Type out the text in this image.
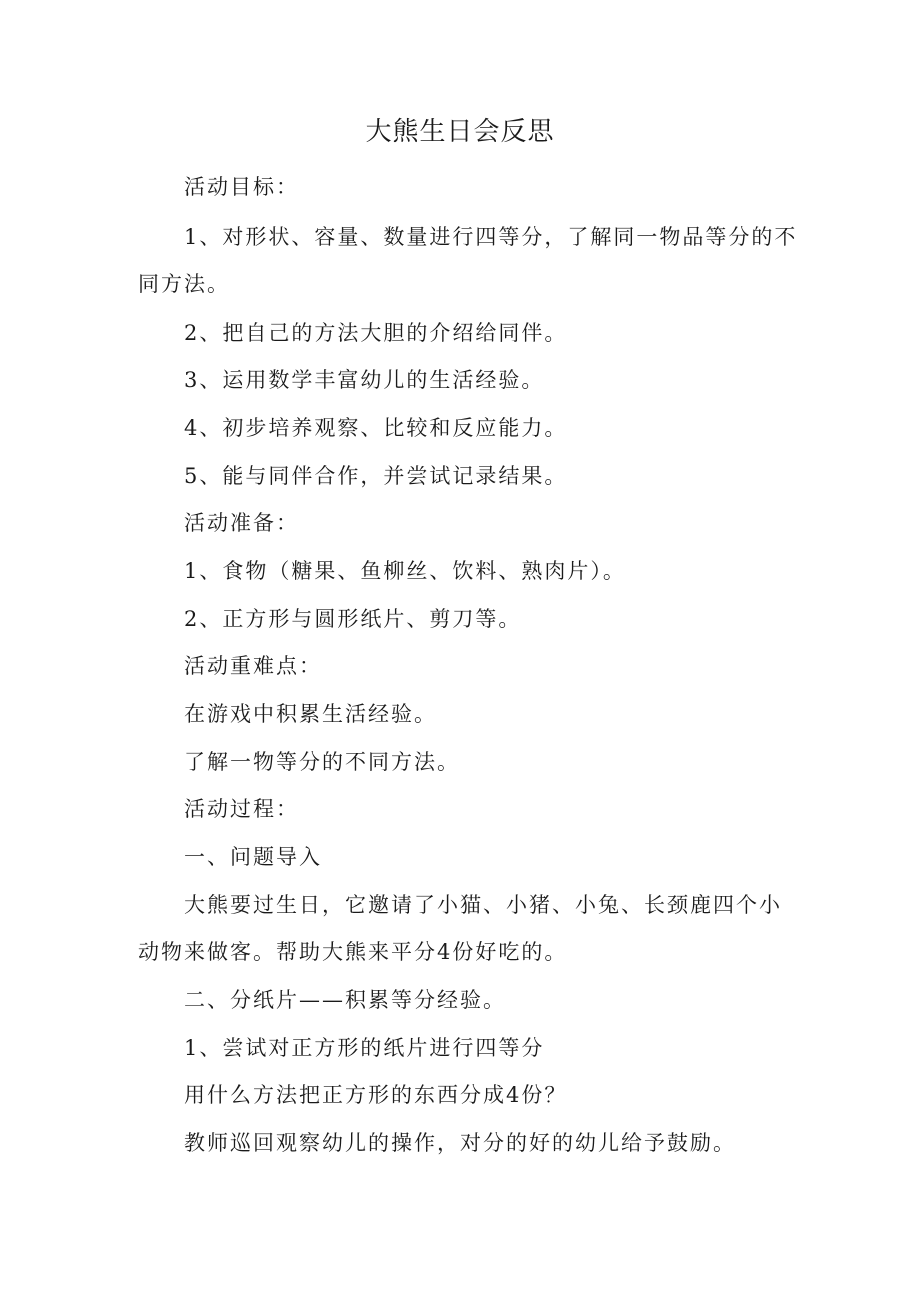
大熊生日会反思

活动目标：

1、对形状、容量、数量进行四等分，了解同一物品等分的不同方法。

2、把自己的方法大胆的介绍给同伴。

3、运用数学丰富幼儿的生活经验。

4、初步培养观察、比较和反应能力。

5、能与同伴合作，并尝试记录结果。

活动准备：

1、食物（糖果、鱼柳丝、饮料、熟肉片）。

2、正方形与圆形纸片、剪刀等。

活动重难点：

在游戏中积累生活经验。

了解一物等分的不同方法。

活动过程：

一、问题导入

大熊要过生日，它邀请了小猫、小猪、小兔、长颈鹿四个小动物来做客。帮助大熊来平分4份好吃的。

二、分纸片——积累等分经验。

1、尝试对正方形的纸片进行四等分

用什么方法把正方形的东西分成4份？

教师巡回观察幼儿的操作，对分的好的幼儿给予鼓励。
